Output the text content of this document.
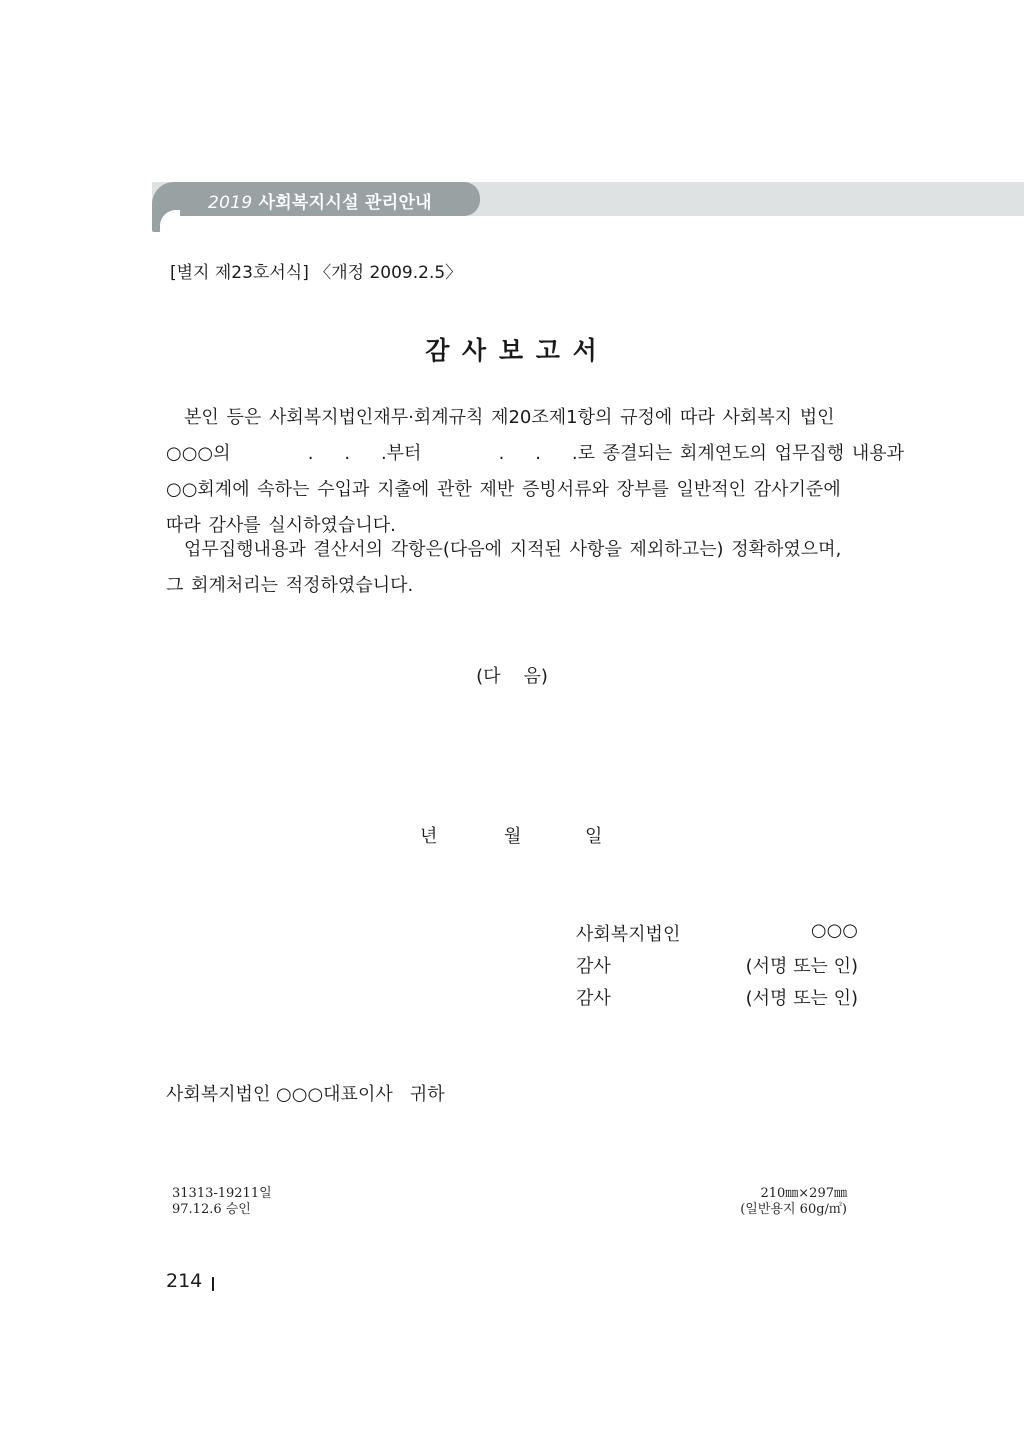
2019 사회복지시설 관리안내
[별지 제23호서식] 〈개정 2009.2.5〉
감 사 보 고 서
본인 등은 사회복지법인재무·회계규칙 제20조제1항의 규정에 따라 사회복지 법인
○○○의          .    .    .부터          .    .    .로 종결되는 회계연도의 업무집행 내용과
○○회계에 속하는 수입과 지출에 관한 제반 증빙서류와 장부를 일반적인 감사기준에
따라 감사를 실시하였습니다.
업무집행내용과 결산서의 각항은(다음에 지적된 사항을 제외하고는) 정확하였으며,
그 회계처리는 적정하였습니다.
(다    음)
년	월	일
사회복지법인	○○○
감사	(서명 또는 인)
감사	(서명 또는 인)
사회복지법인 ○○○대표이사   귀하
31313-19211일
97.12.6 승인
210㎜×297㎜
(일반용지 60g/㎡)
214
